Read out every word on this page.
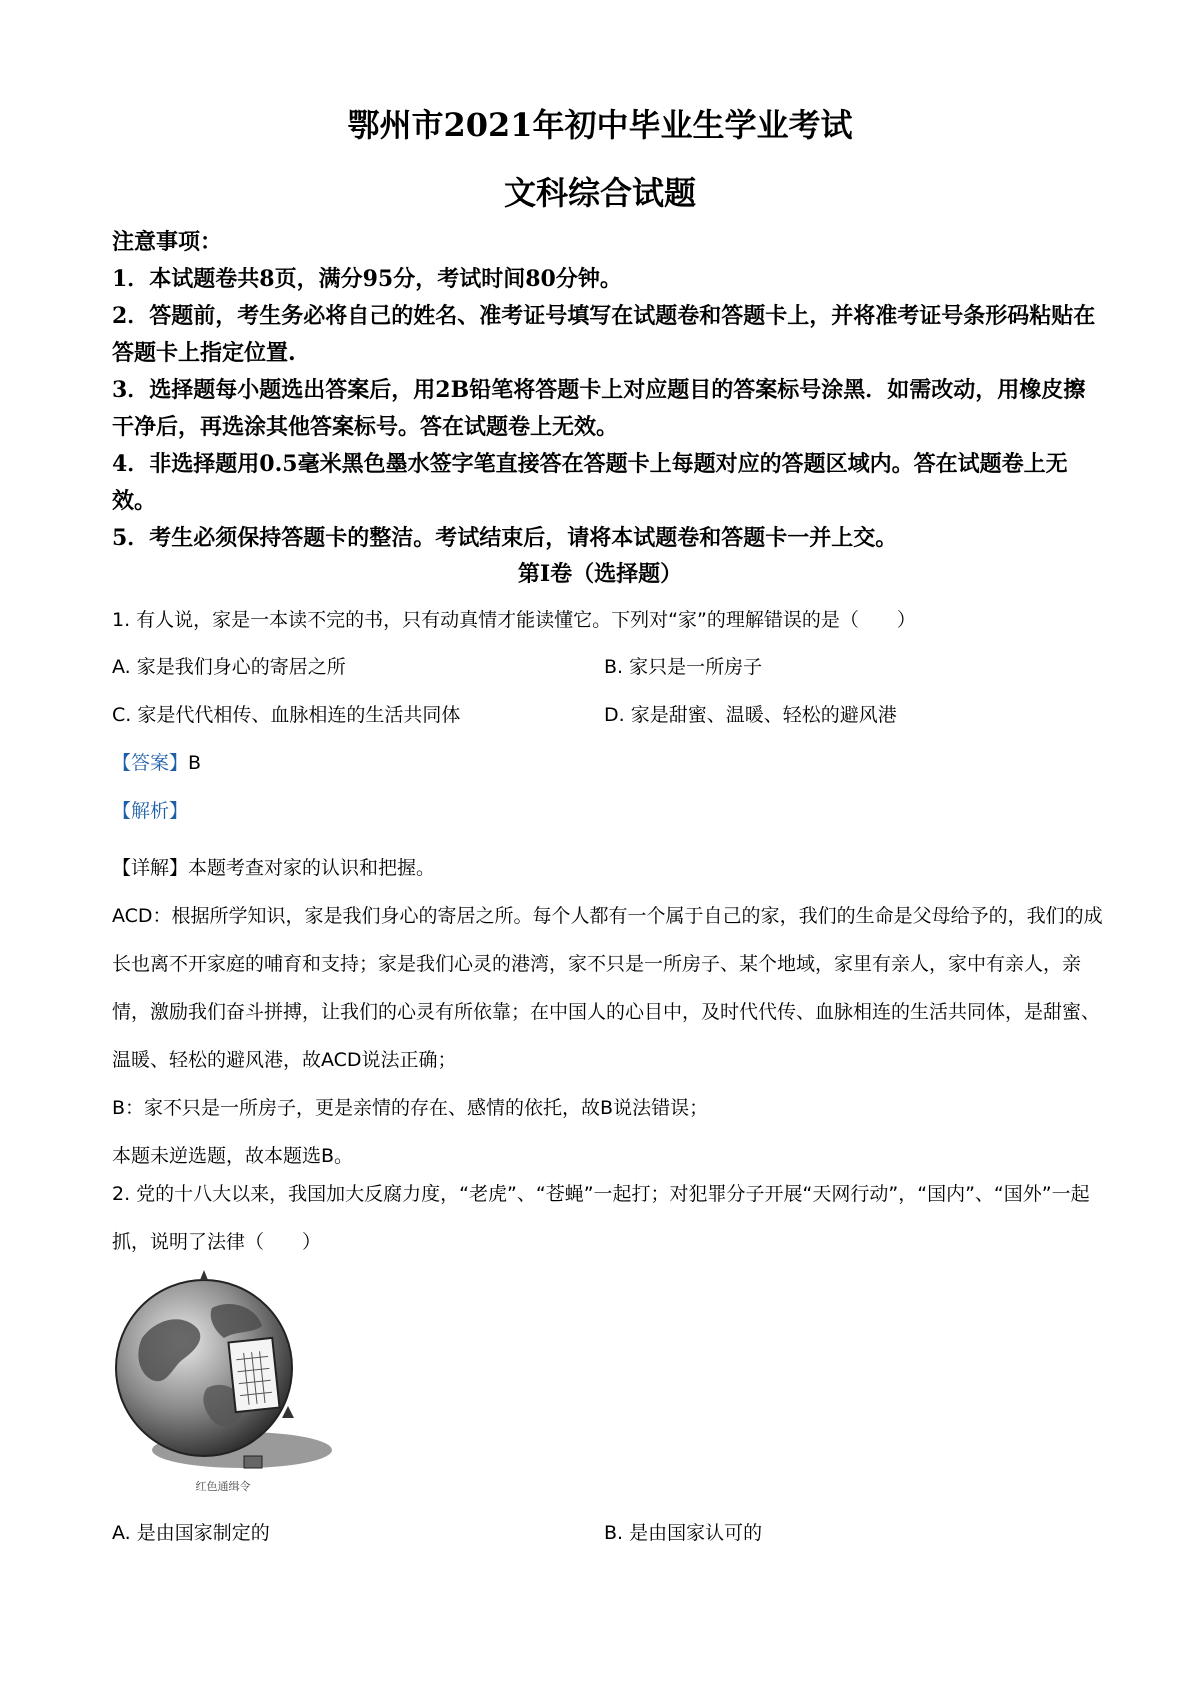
鄂州市2021年初中毕业生学业考试
文科综合试题

注意事项：

1．本试题卷共8页，满分95分，考试时间80分钟。

2．答题前，考生务必将自己的姓名、准考证号填写在试题卷和答题卡上，并将准考证号条形码粘贴在答题卡上指定位置.

3．选择题每小题选出答案后，用2B铅笔将答题卡上对应题目的答案标号涂黑．如需改动，用橡皮擦干净后，再选涂其他答案标号。答在试题卷上无效。

4．非选择题用0.5毫米黑色墨水签字笔直接答在答题卡上每题对应的答题区域内。答在试题卷上无效。

5．考生必须保持答题卡的整洁。考试结束后，请将本试题卷和答题卡一并上交。

第Ⅰ卷（选择题）
1. 有人说，家是一本读不完的书，只有动真情才能读懂它。下列对“家”的理解错误的是（　　）
A. 家是我们身心的寄居之所	B. 家只是一所房子
C. 家是代代相传、血脉相连的生活共同体	D. 家是甜蜜、温暖、轻松的避风港
【答案】B
【解析】

【详解】本题考查对家的认识和把握。

ACD：根据所学知识，家是我们身心的寄居之所。每个人都有一个属于自己的家，我们的生命是父母给予的，我们的成长也离不开家庭的哺育和支持；家是我们心灵的港湾，家不只是一所房子、某个地域，家里有亲人，家中有亲人，亲情，激励我们奋斗拼搏，让我们的心灵有所依靠；在中国人的心目中，及时代代传、血脉相连的生活共同体，是甜蜜、温暖、轻松的避风港，故ACD说法正确；

B：家不只是一所房子，更是亲情的存在、感情的依托，故B说法错误；

本题未逆选题，故本题选B。

2. 党的十八大以来，我国加大反腐力度，“老虎”、“苍蝇”一起打；对犯罪分子开展“天网行动”，“国内”、“国外”一起抓，说明了法律（　　）
红色通缉令
A. 是由国家制定的	B. 是由国家认可的
